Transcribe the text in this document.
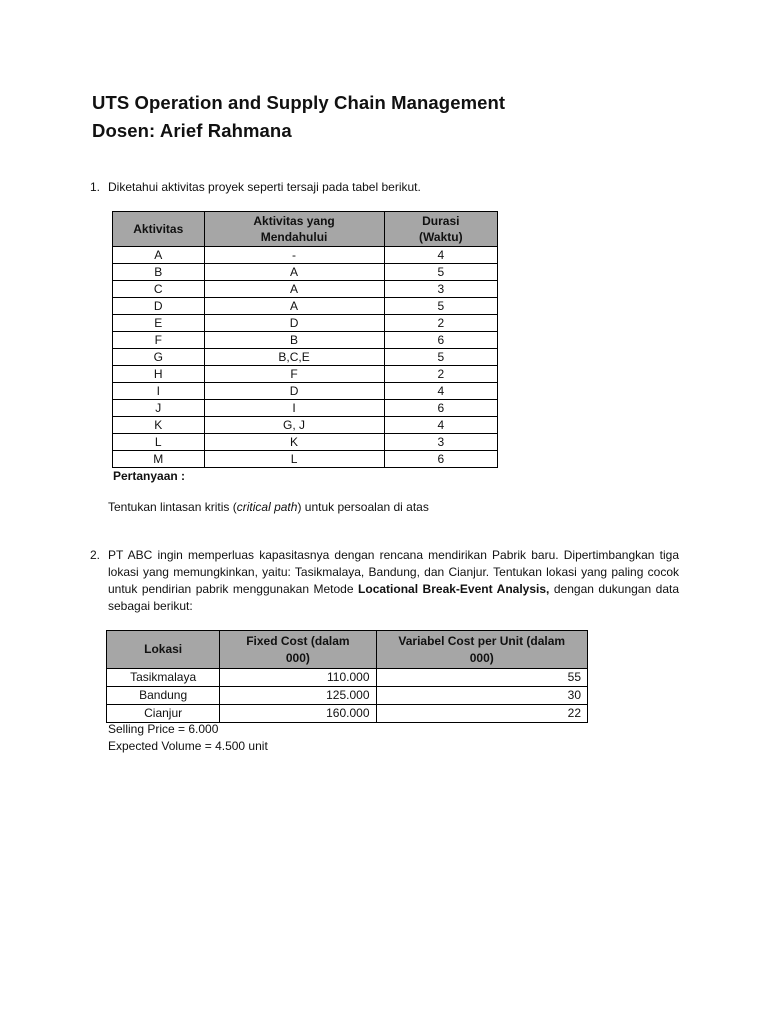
UTS Operation and Supply Chain Management
Dosen: Arief Rahmana
1. Diketahui aktivitas proyek seperti tersaji pada tabel berikut.
Aktivitas	Aktivitas yang Mendahului	Durasi (Waktu)
A	-	4
B	A	5
C	A	3
D	A	5
E	D	2
F	B	6
G	B,C,E	5
H	F	2
I	D	4
J	I	6
K	G, J	4
L	K	3
M	L	6
Pertanyaan :
Tentukan lintasan kritis (critical path) untuk persoalan di atas
2. PT ABC ingin memperluas kapasitasnya dengan rencana mendirikan Pabrik baru. Dipertimbangkan tiga lokasi yang memungkinkan, yaitu: Tasikmalaya, Bandung, dan Cianjur. Tentukan lokasi yang paling cocok untuk pendirian pabrik menggunakan Metode Locational Break-Event Analysis, dengan dukungan data sebagai berikut:
Lokasi	Fixed Cost (dalam 000)	Variabel Cost per Unit (dalam 000)
Tasikmalaya	110.000	55
Bandung	125.000	30
Cianjur	160.000	22
Selling Price = 6.000
Expected Volume = 4.500 unit
